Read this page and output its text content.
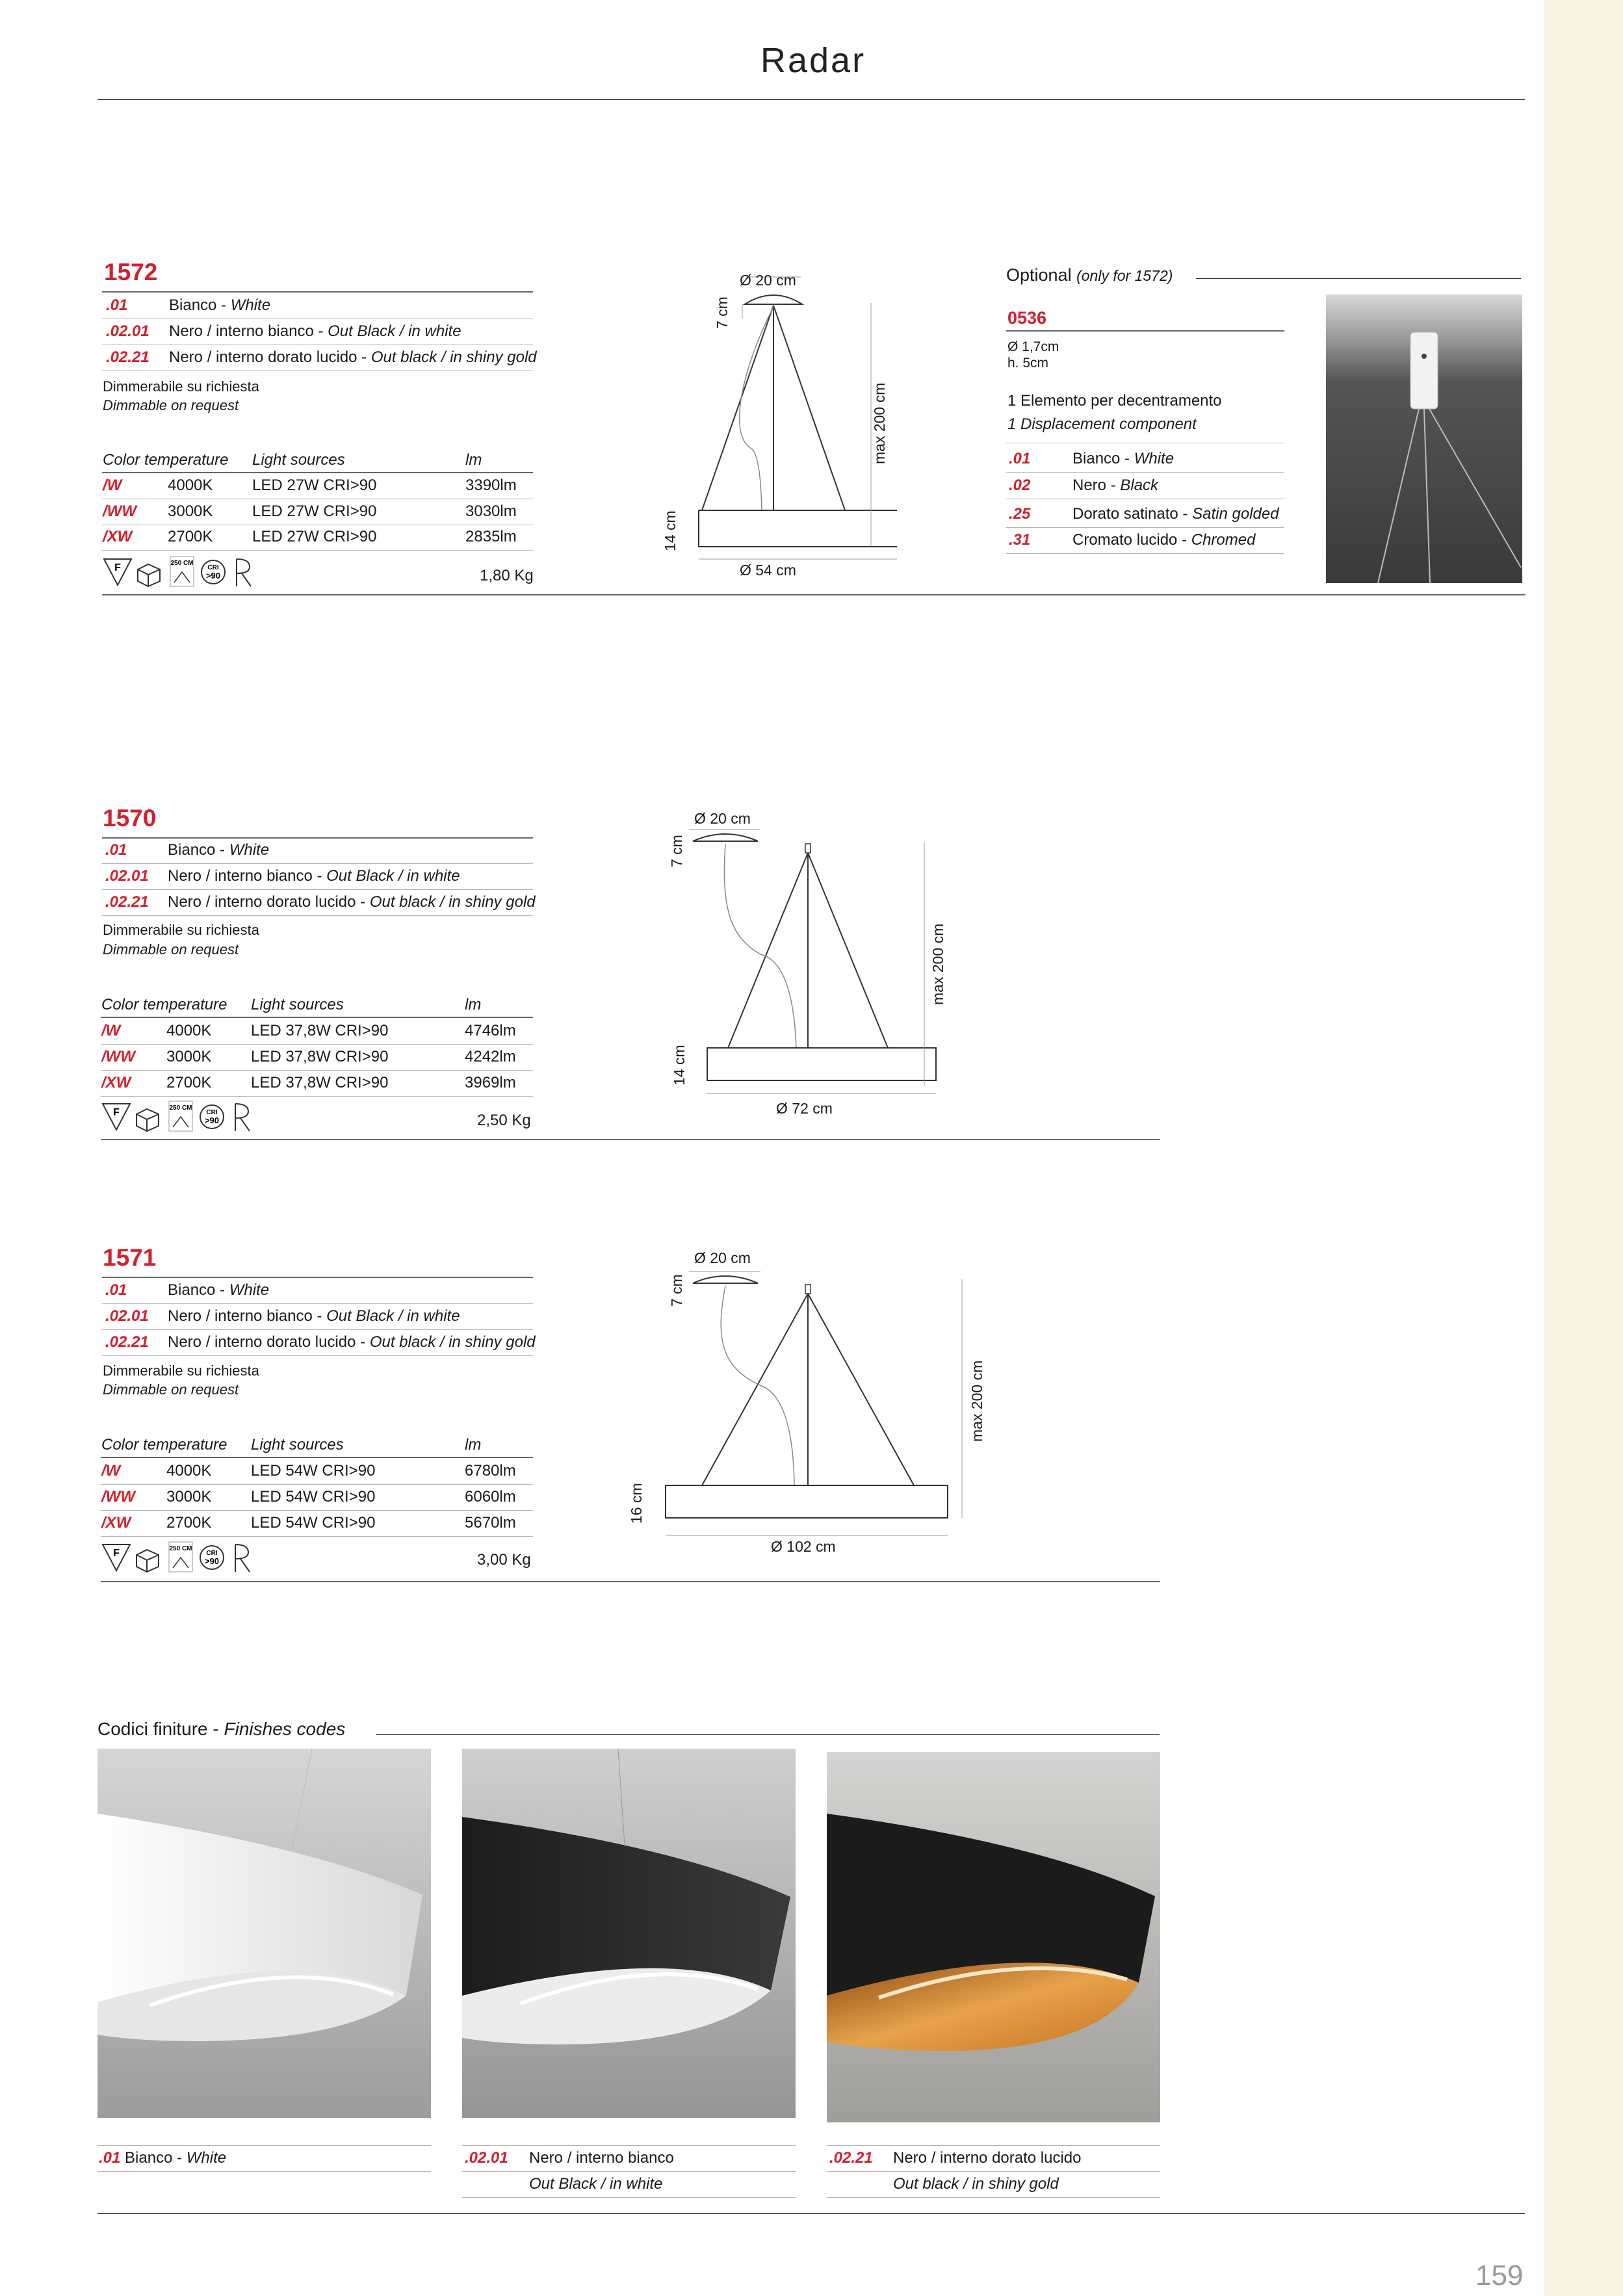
Radar
1572
.01	Bianco - White
.02.01 Nero / interno bianco - Out Black / in white
.02.21 Nero / interno dorato lucido - Out black / in shiny gold
Dimmerabile su richiesta
Dimmable on request
Color temperature Light sources	lm
/W	4000K	LED 27W CRI>90	3390lm
/WW 3000K	LED 27W CRI>90	3030lm
/XW 2700K	LED 27W CRI>90	2835lm
F	250 CM
CRI
>90	1,80 Kg
Ø 20 cm
7 cm
max 200 cm
14 cm
Ø 54 cm
Optional (only for 1572)
0536
Ø 1,7cm
h. 5cm
1 Elemento per decentramento
1 Displacement component
.01	Bianco - White
.02	Nero - Black
.25	Dorato satinato - Satin golded
.31	Cromato lucido - Chromed
1570
.01	Bianco - White
.02.01 Nero / interno bianco - Out Black / in white
.02.21 Nero / interno dorato lucido - Out black / in shiny gold
Dimmerabile su richiesta
Dimmable on request
Color temperature Light sources	lm
/W	4000K	LED 37,8W CRI>90	4746lm
/WW 3000K	LED 37,8W CRI>90	4242lm
/XW 2700K	LED 37,8W CRI>90	3969lm
F	250 CM
CRI
>90	2,50 Kg
Ø 20 cm
7 cm
max 200 cm
14 cm
Ø 72 cm
1571
.01	Bianco - White
.02.01 Nero / interno bianco - Out Black / in white
.02.21 Nero / interno dorato lucido - Out black / in shiny gold
Dimmerabile su richiesta
Dimmable on request
Color temperature Light sources	lm
/W	4000K	LED 54W CRI>90	6780lm
/WW 3000K	LED 54W CRI>90	6060lm
/XW 2700K	LED 54W CRI>90	5670lm
F	250 CM
CRI
>90	3,00 Kg
Ø 20 cm
7 cm
max 200 cm
16 cm
Ø 102 cm
Codici finiture - Finishes codes
.01 Bianco - White	.02.01 Nero / interno bianco
Out Black / in white
.02.21 Nero / interno dorato lucido
Out black / in shiny gold
159
